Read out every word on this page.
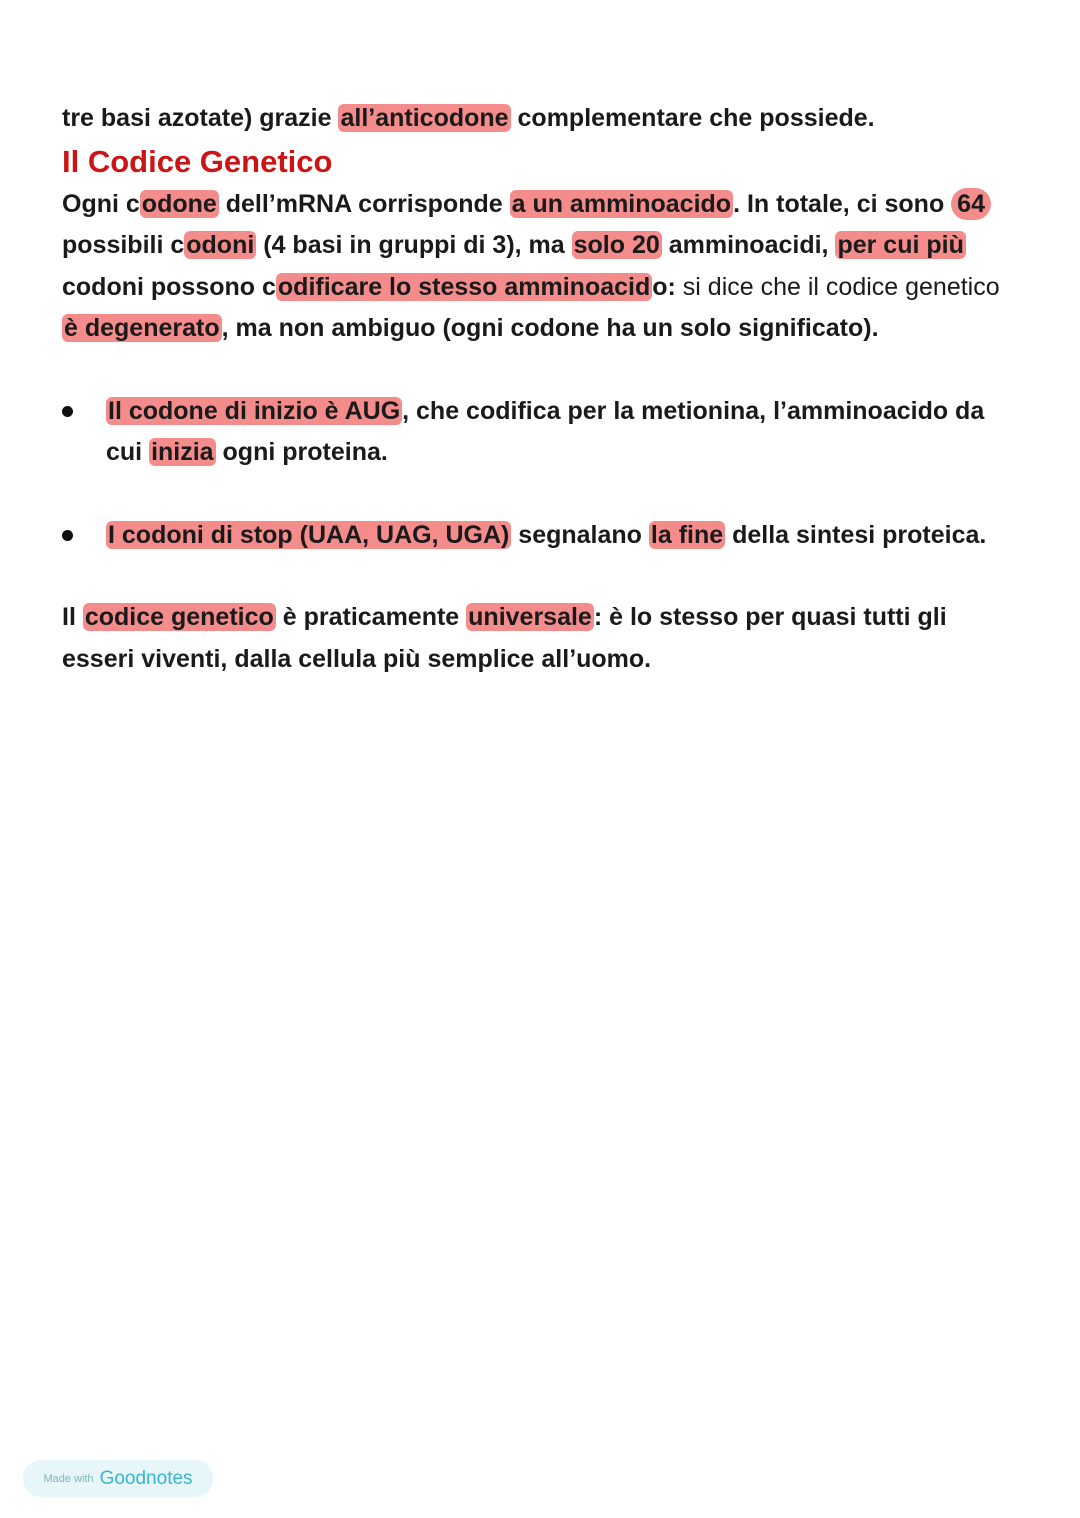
tre basi azotate) grazie all’anticodone complementare che possiede.

Il Codice Genetico

Ogni codone dell’mRNA corrisponde a un amminoacido. In totale, ci sono 64
possibili codoni (4 basi in gruppi di 3), ma solo 20 amminoacidi, per cui più
codoni possono codificare lo stesso amminoacido: si dice che il codice genetico
è degenerato, ma non ambiguo (ogni codone ha un solo significato).

Il codone di inizio è AUG, che codifica per la metionina, l’amminoacido da cui inizia ogni proteina.
I codoni di stop (UAA, UAG, UGA) segnalano la fine della sintesi proteica.

Il codice genetico è praticamente universale: è lo stesso per quasi tutti gli esseri viventi, dalla cellula più semplice all’uomo.

Made with Goodnotes
